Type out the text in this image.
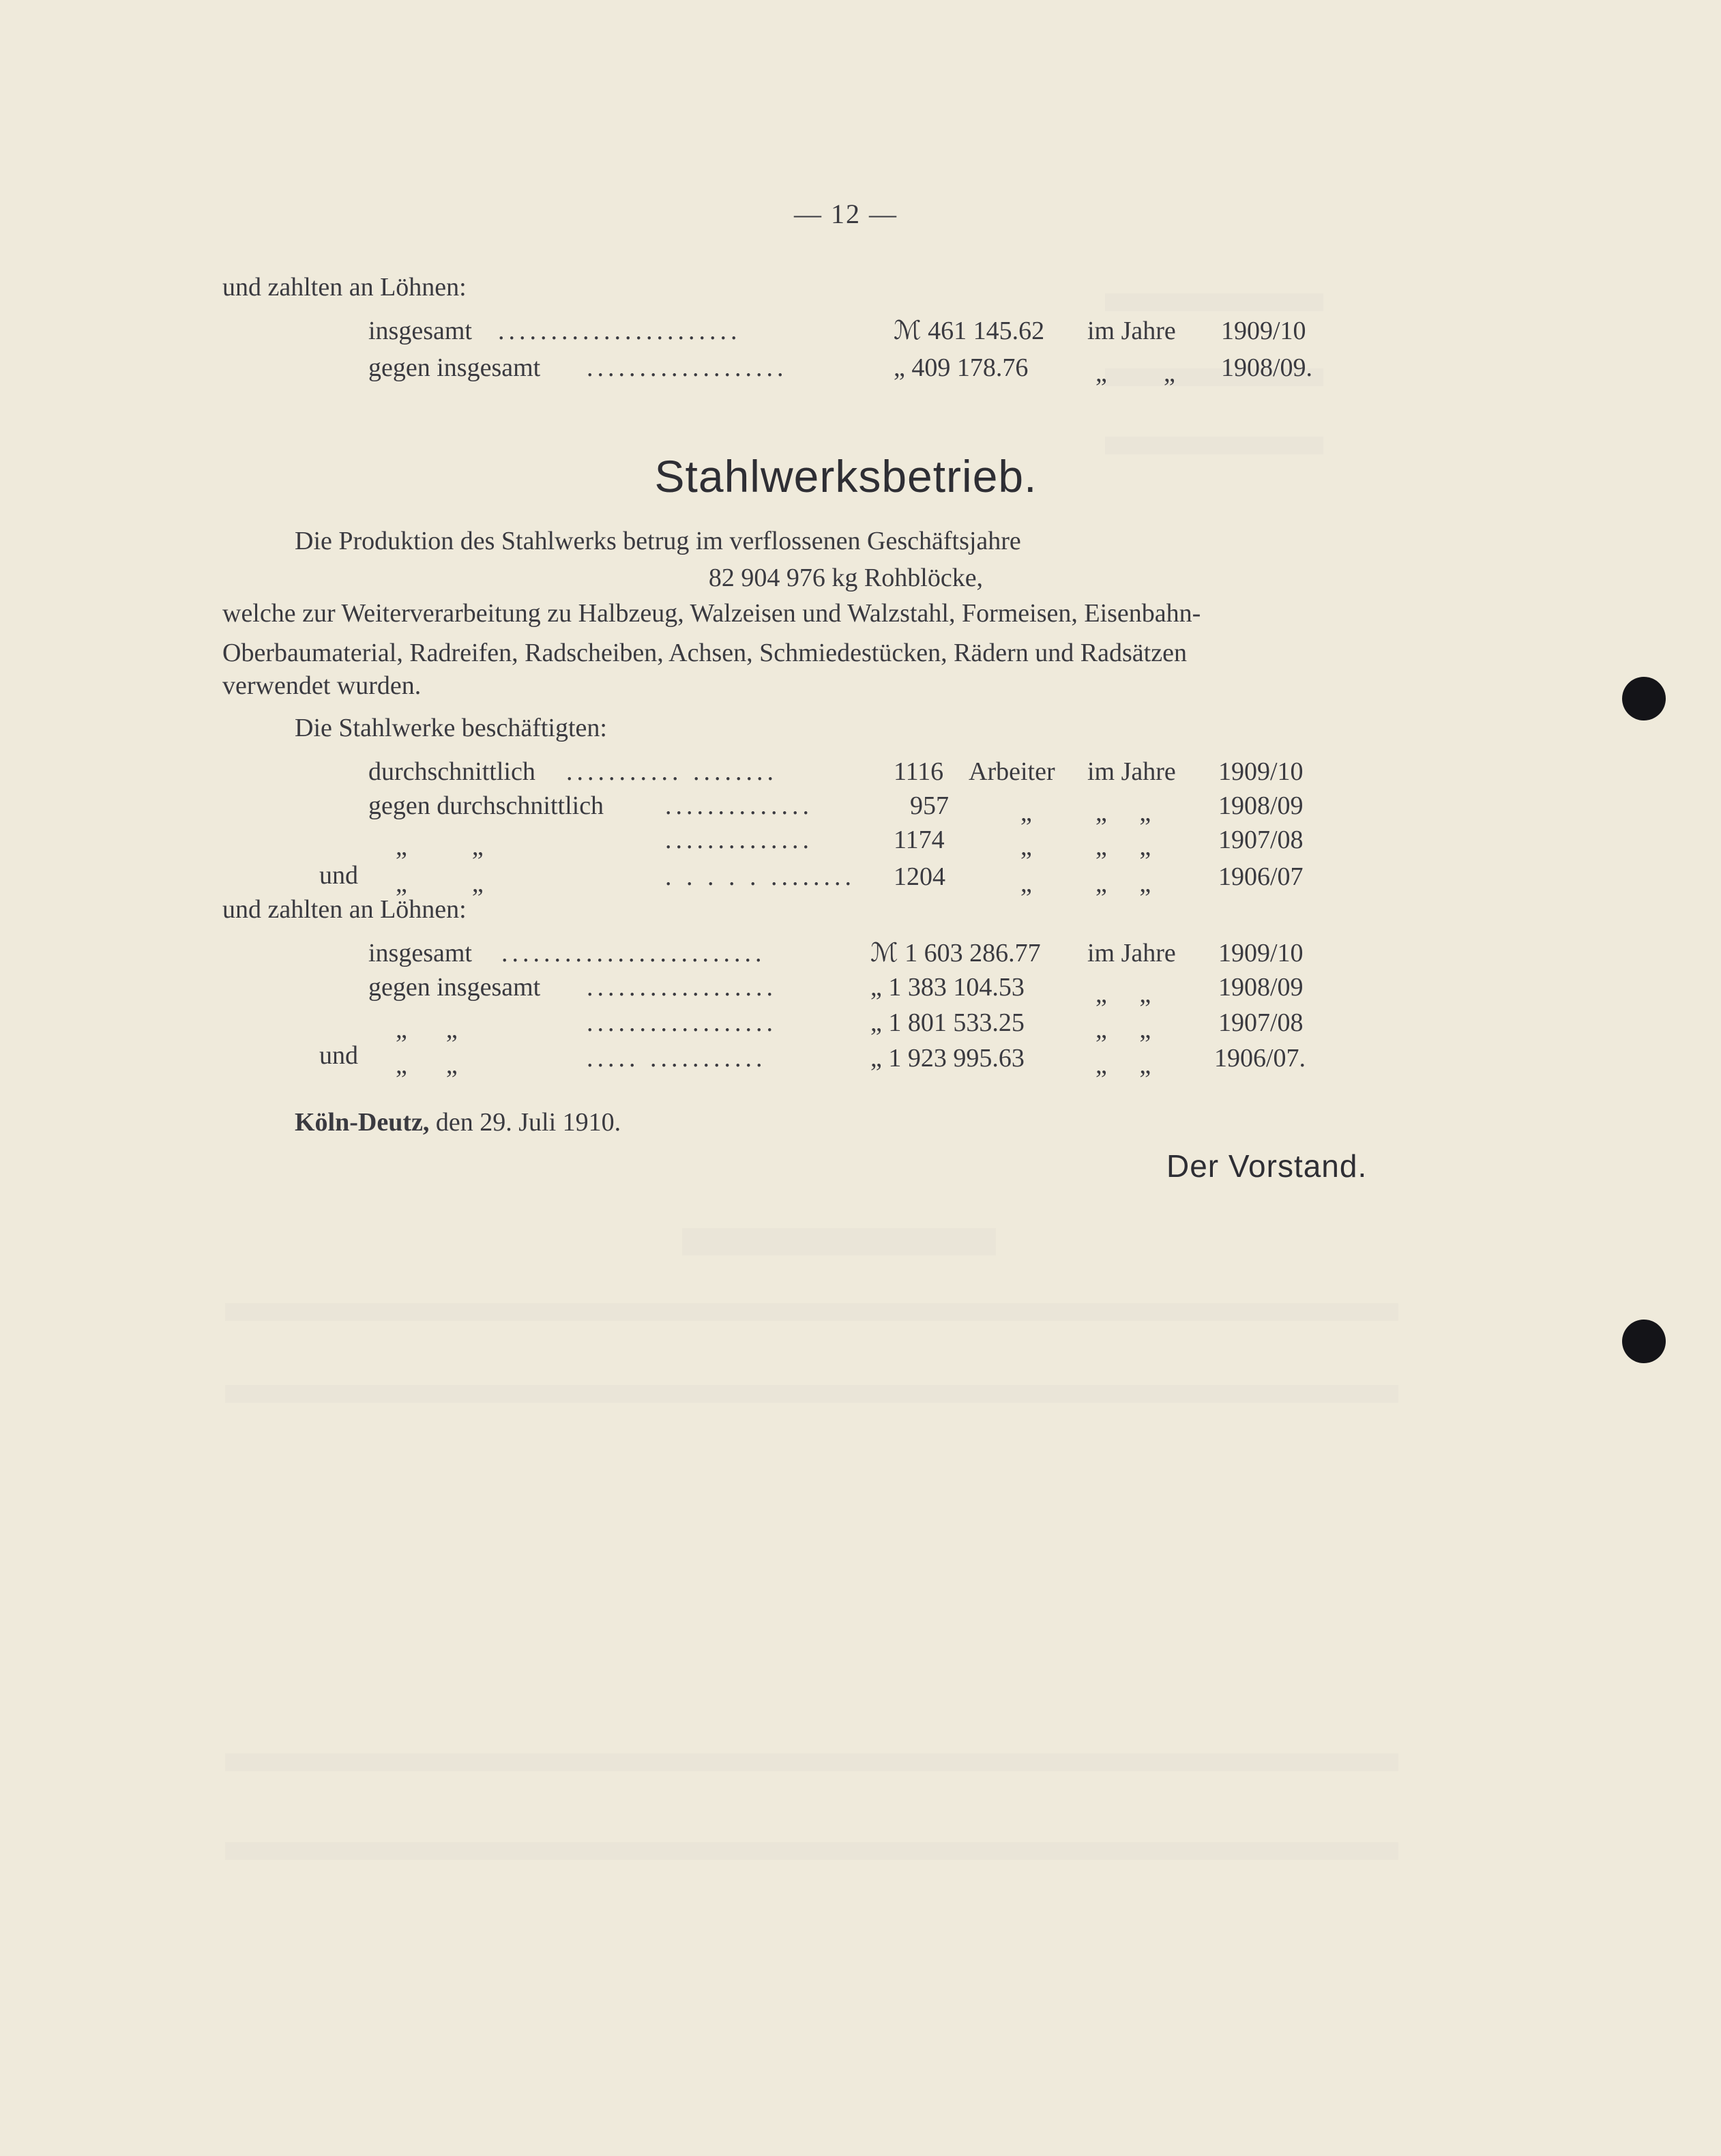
— 12 —
und zahlten an Löhnen:
insgesamt .......................	ℳ 461 145.62 im Jahre 1909/10
gegen insgesamt ...................	„ 409 178.76	„ „ 1908/09.
Stahlwerksbetrieb.
Die Produktion des Stahlwerks betrug im verflossenen Geschäftsjahre
82 904 976 kg Rohblöcke,
welche zur Weiterverarbeitung zu Halbzeug, Walzeisen und Walzstahl, Formeisen, Eisenbahn-
Oberbaumaterial, Radreifen, Radscheiben, Achsen, Schmiedestücken, Rädern und Radsätzen
verwendet wurden.
Die Stahlwerke beschäftigten:
durchschnittlich ........... ........	1116 Arbeiter im Jahre 1909/10
gegen durchschnittlich ..............	957	„ „     „	1908/09
„          „	..............	1174	„ „     „	1907/08
und „          „	. . . . . ........ 1204	„ „     „	1906/07
und zahlten an Löhnen:
insgesamt .........................	ℳ 1 603 286.77 im Jahre 1909/10
gegen insgesamt ..................	„ 1 383 104.53	„     „	1908/09
„      „	..................	„ 1 801 533.25	„     „	1907/08
und „      „	..... ...........	„ 1 923 995.63	„     „ 1906/07.
Köln-Deutz, den 29. Juli 1910.
Der Vorstand.
